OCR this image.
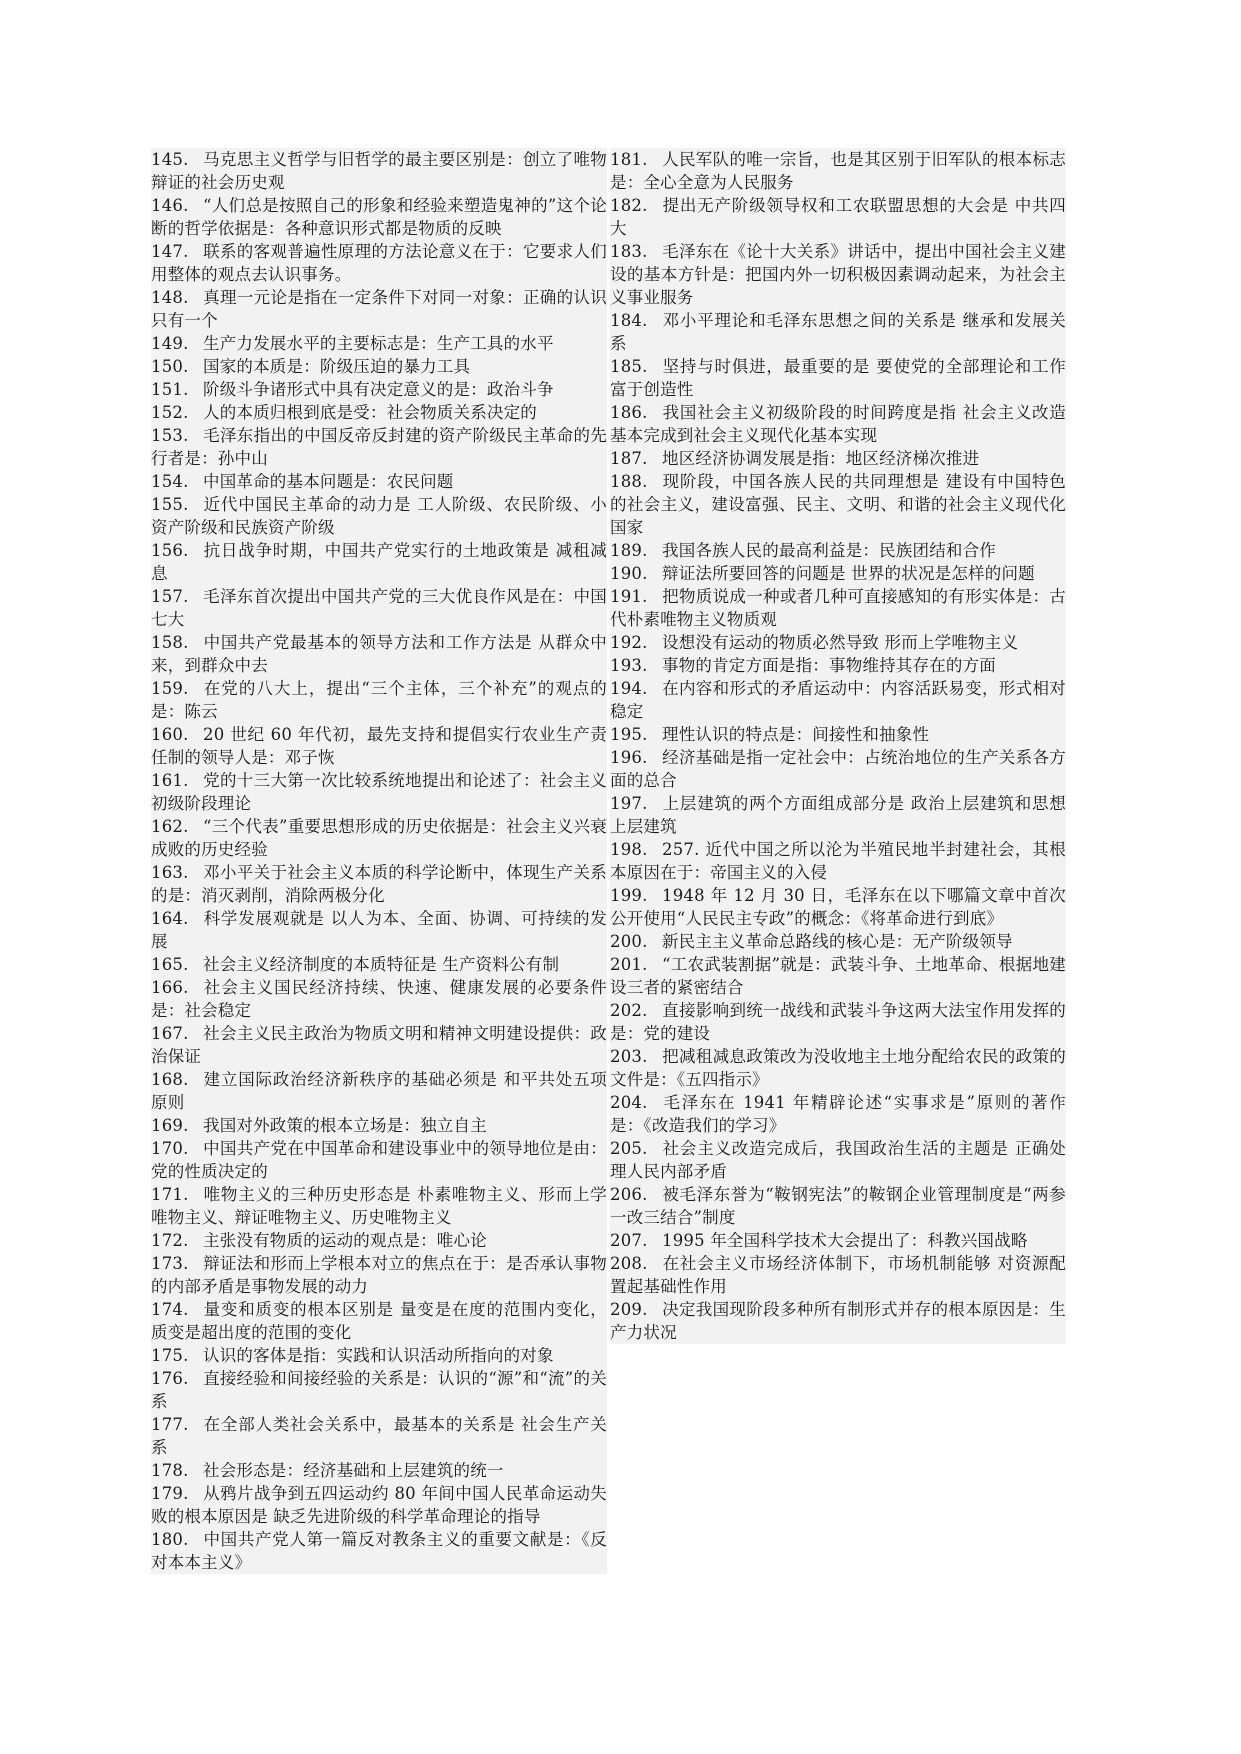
145. 马克思主义哲学与旧哲学的最主要区别是：创立了唯物辩证的社会历史观

146. “人们总是按照自己的形象和经验来塑造鬼神的”这个论断的哲学依据是：各种意识形式都是物质的反映

147. 联系的客观普遍性原理的方法论意义在于：它要求人们用整体的观点去认识事务。

148. 真理一元论是指在一定条件下对同一对象：正确的认识只有一个

149. 生产力发展水平的主要标志是：生产工具的水平

150. 国家的本质是：阶级压迫的暴力工具

151. 阶级斗争诸形式中具有决定意义的是：政治斗争

152. 人的本质归根到底是受：社会物质关系决定的

153. 毛泽东指出的中国反帝反封建的资产阶级民主革命的先行者是：孙中山

154. 中国革命的基本问题是：农民问题

155. 近代中国民主革命的动力是 工人阶级、农民阶级、小资产阶级和民族资产阶级

156. 抗日战争时期，中国共产党实行的土地政策是 减租减息

157. 毛泽东首次提出中国共产党的三大优良作风是在：中国七大

158. 中国共产党最基本的领导方法和工作方法是 从群众中来，到群众中去

159. 在党的八大上，提出“三个主体，三个补充”的观点的是：陈云

160. 20 世纪 60 年代初，最先支持和提倡实行农业生产责任制的领导人是：邓子恢

161. 党的十三大第一次比较系统地提出和论述了：社会主义初级阶段理论

162. “三个代表”重要思想形成的历史依据是：社会主义兴衰成败的历史经验

163. 邓小平关于社会主义本质的科学论断中，体现生产关系的是：消灭剥削，消除两极分化

164. 科学发展观就是 以人为本、全面、协调、可持续的发展

165. 社会主义经济制度的本质特征是 生产资料公有制

166. 社会主义国民经济持续、快速、健康发展的必要条件是：社会稳定

167. 社会主义民主政治为物质文明和精神文明建设提供：政治保证

168. 建立国际政治经济新秩序的基础必须是 和平共处五项原则

169. 我国对外政策的根本立场是：独立自主

170. 中国共产党在中国革命和建设事业中的领导地位是由：党的性质决定的

171. 唯物主义的三种历史形态是 朴素唯物主义、形而上学唯物主义、辩证唯物主义、历史唯物主义

172. 主张没有物质的运动的观点是：唯心论

173. 辩证法和形而上学根本对立的焦点在于：是否承认事物的内部矛盾是事物发展的动力

174. 量变和质变的根本区别是 量变是在度的范围内变化，质变是超出度的范围的变化

175. 认识的客体是指：实践和认识活动所指向的对象

176. 直接经验和间接经验的关系是：认识的“源”和“流”的关系

177. 在全部人类社会关系中，最基本的关系是 社会生产关系

178. 社会形态是：经济基础和上层建筑的统一

179. 从鸦片战争到五四运动约 80 年间中国人民革命运动失败的根本原因是 缺乏先进阶级的科学革命理论的指导

180. 中国共产党人第一篇反对教条主义的重要文献是：《反对本本主义》

181. 人民军队的唯一宗旨，也是其区别于旧军队的根本标志是：全心全意为人民服务

182. 提出无产阶级领导权和工农联盟思想的大会是 中共四大

183. 毛泽东在《论十大关系》讲话中，提出中国社会主义建设的基本方针是：把国内外一切积极因素调动起来，为社会主义事业服务

184. 邓小平理论和毛泽东思想之间的关系是 继承和发展关系

185. 坚持与时俱进，最重要的是 要使党的全部理论和工作富于创造性

186. 我国社会主义初级阶段的时间跨度是指 社会主义改造基本完成到社会主义现代化基本实现

187. 地区经济协调发展是指：地区经济梯次推进

188. 现阶段，中国各族人民的共同理想是 建设有中国特色的社会主义，建设富强、民主、文明、和谐的社会主义现代化国家

189. 我国各族人民的最高利益是：民族团结和合作

190. 辩证法所要回答的问题是 世界的状况是怎样的问题

191. 把物质说成一种或者几种可直接感知的有形实体是：古代朴素唯物主义物质观

192. 设想没有运动的物质必然导致 形而上学唯物主义

193. 事物的肯定方面是指：事物维持其存在的方面

194. 在内容和形式的矛盾运动中：内容活跃易变，形式相对稳定

195. 理性认识的特点是：间接性和抽象性

196. 经济基础是指一定社会中：占统治地位的生产关系各方面的总合

197. 上层建筑的两个方面组成部分是 政治上层建筑和思想上层建筑

198. 257. 近代中国之所以沦为半殖民地半封建社会，其根本原因在于：帝国主义的入侵

199. 1948 年 12 月 30 日，毛泽东在以下哪篇文章中首次公开使用“人民民主专政”的概念：《将革命进行到底》

200. 新民主主义革命总路线的核心是：无产阶级领导

201. “工农武装割据”就是：武装斗争、土地革命、根据地建设三者的紧密结合

202. 直接影响到统一战线和武装斗争这两大法宝作用发挥的是：党的建设

203. 把减租减息政策改为没收地主土地分配给农民的政策的文件是：《五四指示》

204. 毛泽东在 1941 年精辟论述“实事求是”原则的著作是：《改造我们的学习》

205. 社会主义改造完成后，我国政治生活的主题是 正确处理人民内部矛盾

206. 被毛泽东誉为“鞍钢宪法”的鞍钢企业管理制度是“两参一改三结合”制度

207. 1995 年全国科学技术大会提出了：科教兴国战略

208. 在社会主义市场经济体制下，市场机制能够 对资源配置起基础性作用

209. 决定我国现阶段多种所有制形式并存的根本原因是：生产力状况
